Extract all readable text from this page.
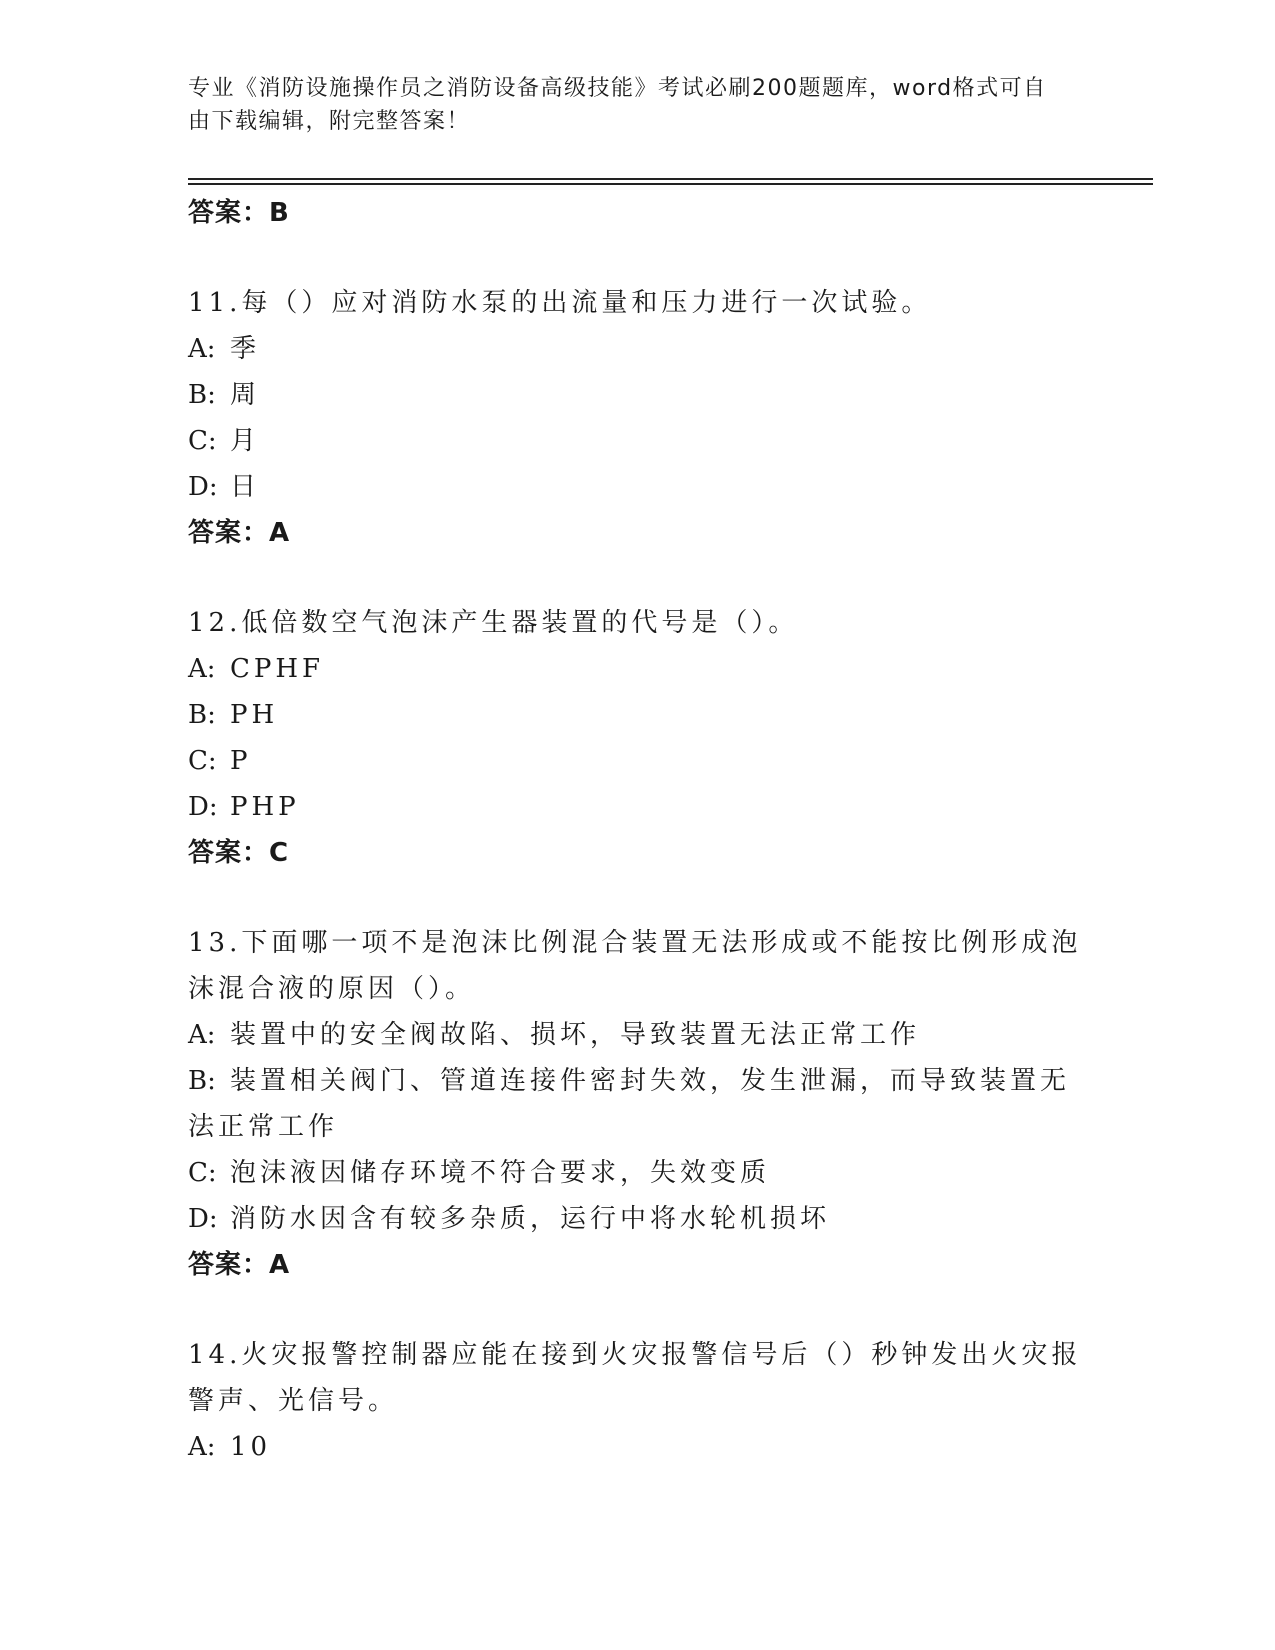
专业《消防设施操作员之消防设备高级技能》考试必刷200题题库，word格式可自由下载编辑，附完整答案！
答案：B
11.每（）应对消防水泵的出流量和压力进行一次试验。
A: 季
B: 周
C: 月
D: 日
答案：A
12.低倍数空气泡沫产生器装置的代号是（）。
A: CPHF
B: PH
C: P
D: PHP
答案：C
13.下面哪一项不是泡沫比例混合装置无法形成或不能按比例形成泡沫混合液的原因（）。
A: 装置中的安全阀故陷、损坏，导致装置无法正常工作
B: 装置相关阀门、管道连接件密封失效，发生泄漏，而导致装置无法正常工作
C: 泡沫液因储存环境不符合要求，失效变质
D: 消防水因含有较多杂质，运行中将水轮机损坏
答案：A
14.火灾报警控制器应能在接到火灾报警信号后（）秒钟发出火灾报警声、光信号。
A: 10
